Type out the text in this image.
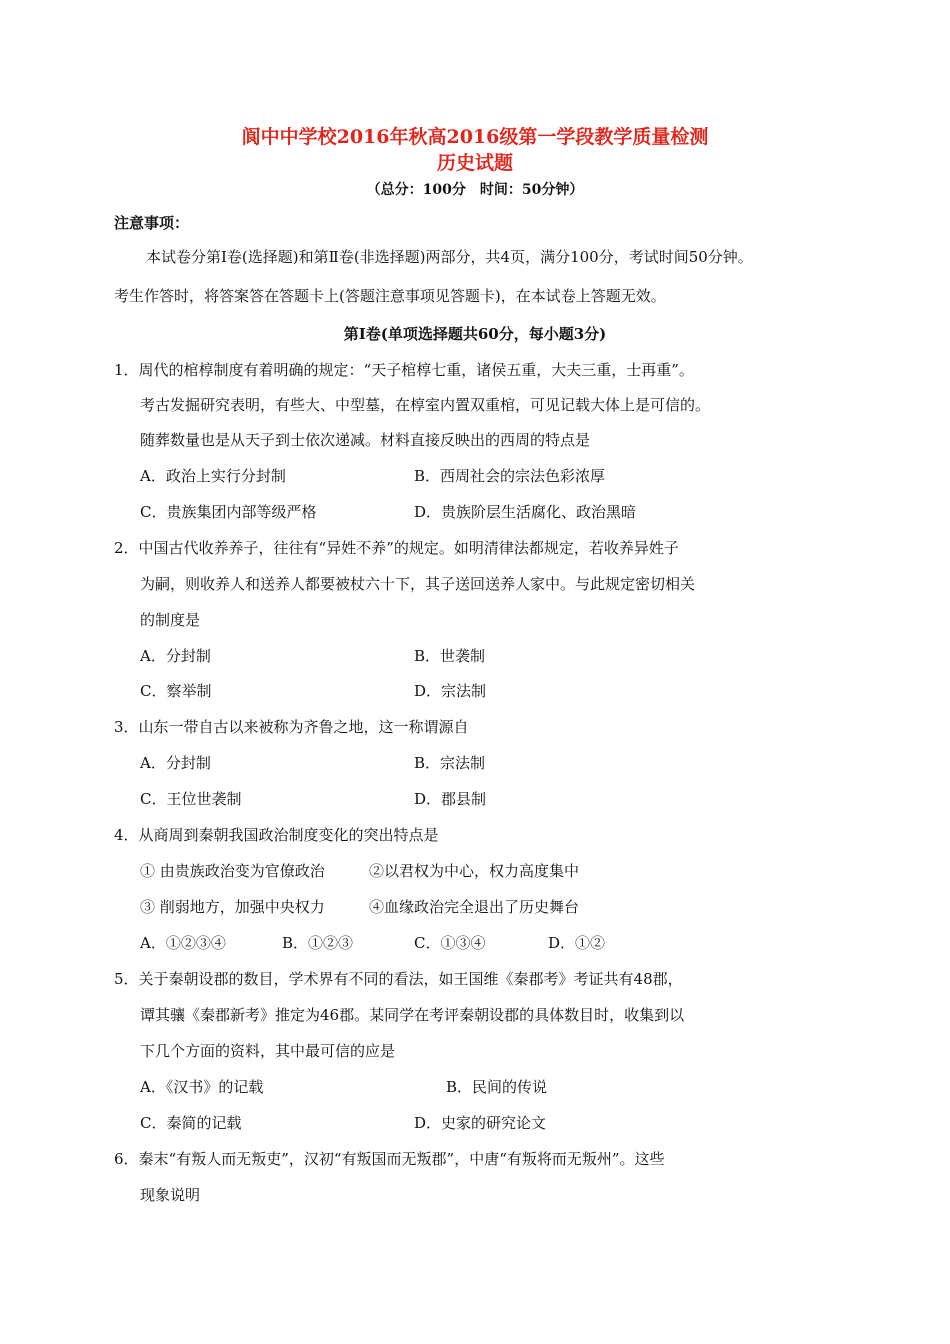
阆中中学校2016年秋高2016级第一学段教学质量检测
历史试题
（总分：100分　时间：50分钟）
注意事项：
本试卷分第Ⅰ卷(选择题)和第Ⅱ卷(非选择题)两部分，共4页，满分100分，考试时间50分钟。
考生作答时，将答案答在答题卡上(答题注意事项见答题卡)，在本试卷上答题无效。
第Ⅰ卷(单项选择题共60分，每小题3分)
1．周代的棺椁制度有着明确的规定：“天子棺椁七重，诸侯五重，大夫三重，士再重”。
考古发掘研究表明，有些大、中型墓，在椁室内置双重棺，可见记载大体上是可信的。
随葬数量也是从天子到士依次递减。材料直接反映出的西周的特点是
A．政治上实行分封制	B．西周社会的宗法色彩浓厚
C．贵族集团内部等级严格	D．贵族阶层生活腐化、政治黑暗
2．中国古代收养养子，往往有“异姓不养”的规定。如明清律法都规定，若收养异姓子
为嗣，则收养人和送养人都要被杖六十下，其子送回送养人家中。与此规定密切相关
的制度是
A．分封制	B．世袭制
C．察举制	D．宗法制
3．山东一带自古以来被称为齐鲁之地，这一称谓源自
A．分封制	B．宗法制
C．王位世袭制	D．郡县制
4．从商周到秦朝我国政治制度变化的突出特点是
① 由贵族政治变为官僚政治	②以君权为中心，权力高度集中
③ 削弱地方，加强中央权力	④血缘政治完全退出了历史舞台
A．①②③④	B．①②③	C．①③④	D．①②
5．关于秦朝设郡的数目，学术界有不同的看法，如王国维《秦郡考》考证共有48郡，
谭其骧《秦郡新考》推定为46郡。某同学在考评秦朝设郡的具体数目时，收集到以
下几个方面的资料，其中最可信的应是
A．《汉书》的记载	B．民间的传说
C．秦简的记载	D．史家的研究论文
6．秦末“有叛人而无叛吏”，汉初“有叛国而无叛郡”，中唐“有叛将而无叛州”。这些
现象说明
